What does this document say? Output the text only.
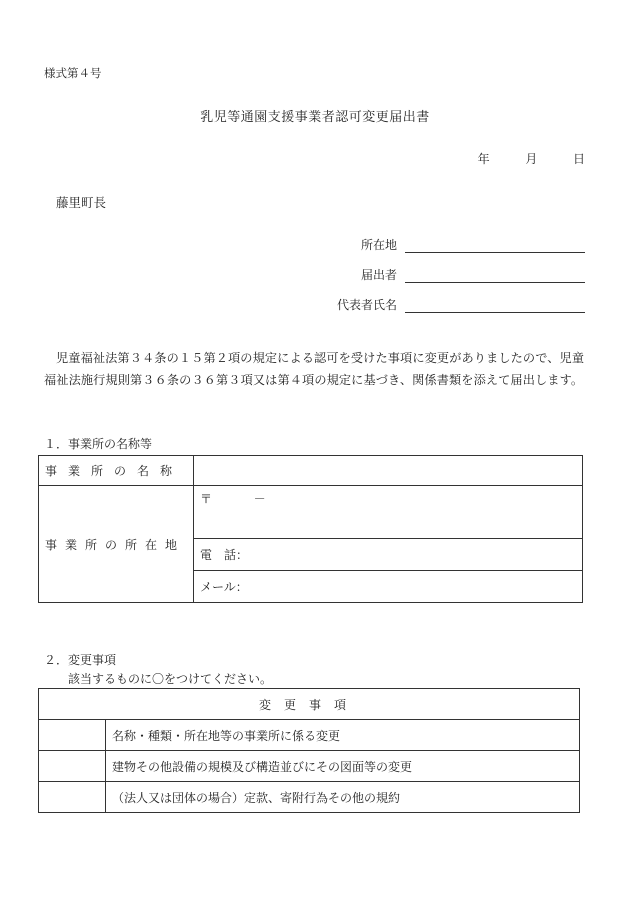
様式第４号
乳児等通園支援事業者認可変更届出書
年	月	日
藤里町長
所在地
届出者
代表者氏名
児童福祉法第３４条の１５第２項の規定による認可を受けた事項に変更がありましたので、児童福祉法施行規則第３６条の３６第３項又は第４項の規定に基づき、関係書類を添えて届出します。
１．事業所の名称等
事業所の名称	
事業所の所在地	〒 －
	電　話：
	メール：
２．変更事項
該当するものに〇をつけてください。
変更事項	
	名称・種類・所在地等の事業所に係る変更
	建物その他設備の規模及び構造並びにその図面等の変更
	（法人又は団体の場合）定款、寄附行為その他の規約
